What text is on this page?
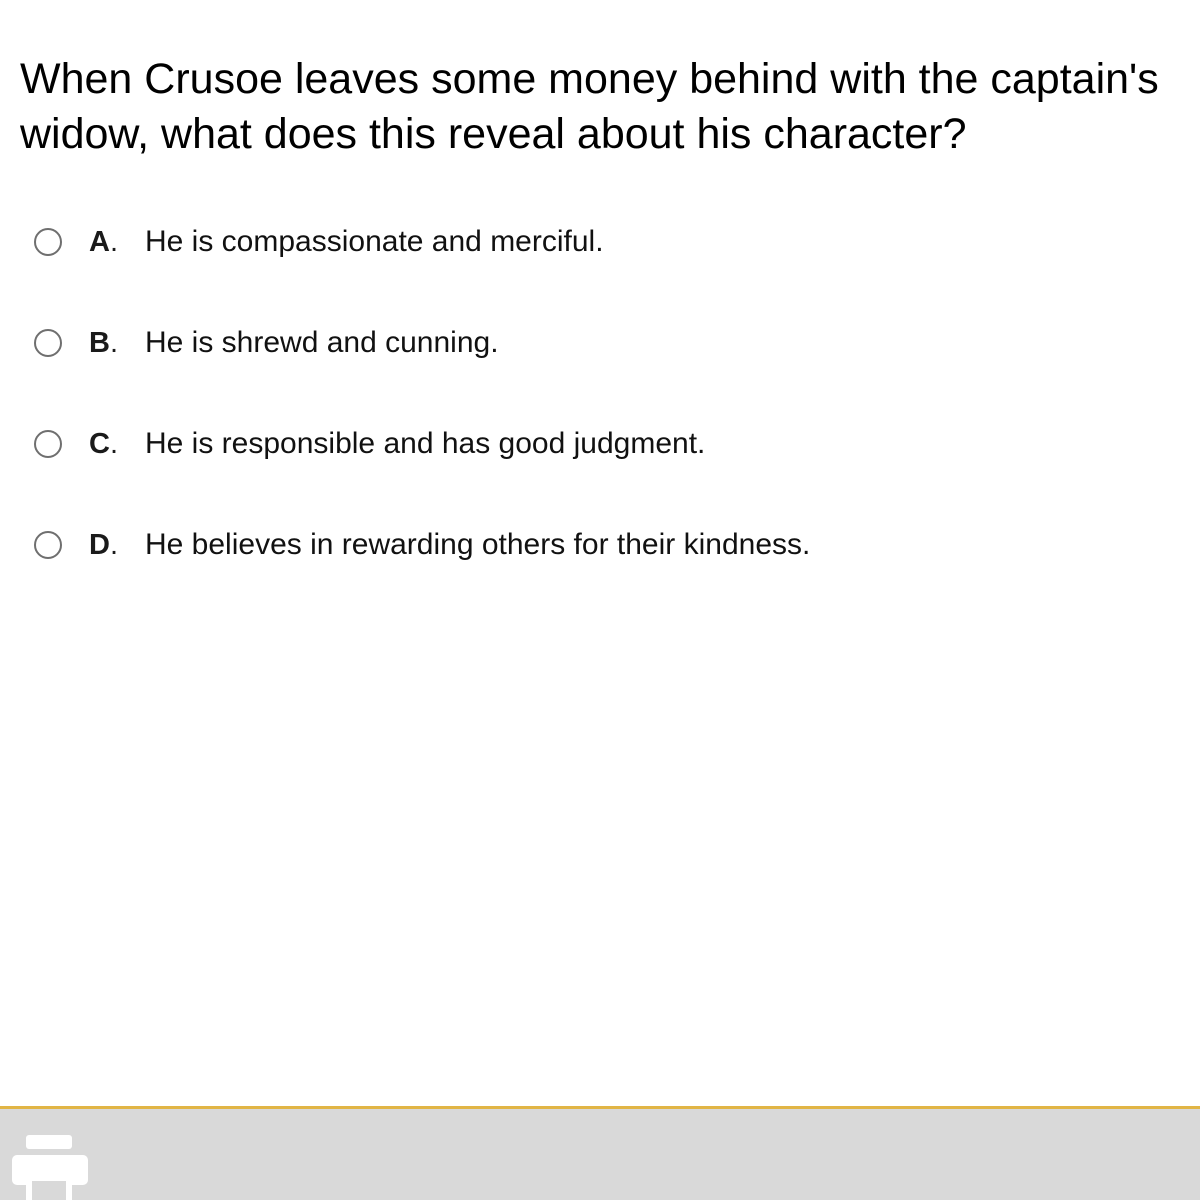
When Crusoe leaves some money behind with the captain's
widow, what does this reveal about his character?
A. He is compassionate and merciful.
B. He is shrewd and cunning.
C. He is responsible and has good judgment.
D. He believes in rewarding others for their kindness.
